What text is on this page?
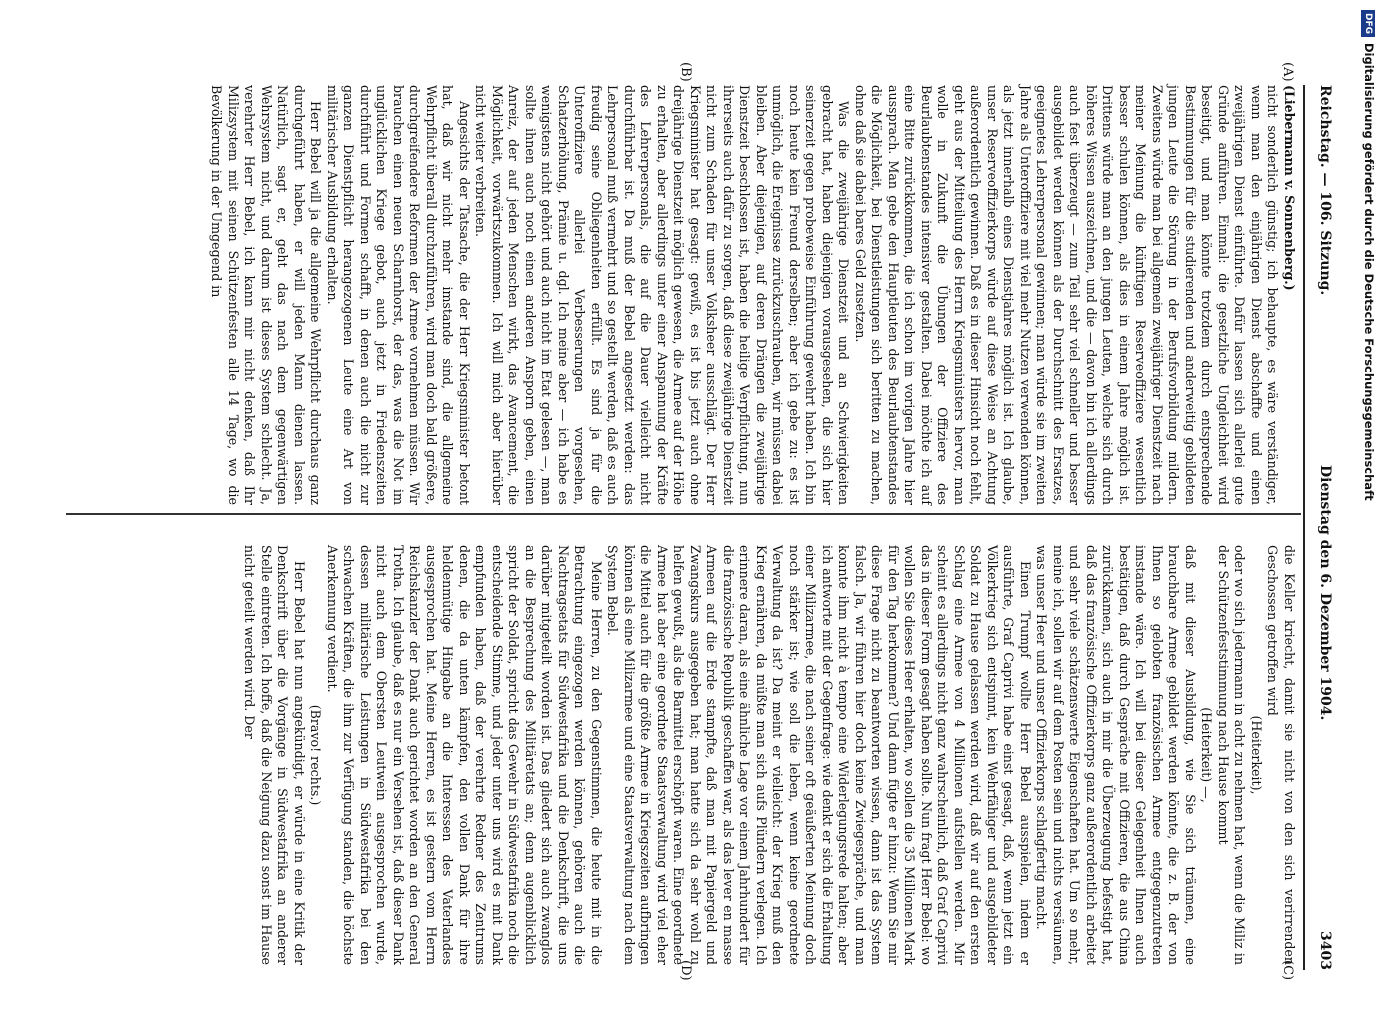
Reichstag. — 106. Sitzung.
Dienstag den 6. Dezember 1904.
3403
(A)
(B)
(C)
(D)

(Liebermann v. Sonnenberg.)

nicht sonderlich günstig; ich behaupte, es wäre verständiger, wenn man den einjährigen Dienst abschaffte und einen zweijährigen Dienst einführte. Dafür lassen sich allerlei gute Gründe anführen. Einmal: die gesetzliche Ungleichheit wird beseitigt, und man könnte trotzdem durch entsprechende Bestimmungen für die studierenden und anderweitig gebildeten jungen Leute die Störung in der Berufsvorbildung mildern. Zweitens würde man bei allgemein zweijähriger Dienstzeit nach meiner Meinung die künftigen Reserveoffiziere wesentlich besser schulen können, als dies in einem Jahre möglich ist. Drittens würde man an den jungen Leuten, welche sich durch höheres Wissen auszeichnen, und die — davon bin ich allerdings auch fest überzeugt — zum Teil sehr viel schneller und besser ausgebildet werden können als der Durchschnitt des Ersatzes, geeignetes Lehrerpersonal gewinnen; man würde sie im zweiten Jahre als Unteroffiziere mit viel mehr Nutzen verwenden können, als jetzt innerhalb eines Dienstjahres möglich ist. Ich glaube, unser Reserveoffizierkorps würde auf diese Weise an Achtung außerordentlich gewinnen. Daß es in dieser Hinsicht noch fehlt, geht aus der Mitteilung des Herrn Kriegsministers hervor, man wolle in Zukunft die Übungen der Offiziere des Beurlaubtenstandes intensiver gestalten. Dabei möchte ich auf eine Bitte zurückkommen, die ich schon im vorigen Jahre hier aussprach. Man gebe den Hauptleuten des Beurlaubtenstandes die Möglichkeit, bei Dienstleistungen sich beritten zu machen, ohne daß sie dabei bares Geld zusetzen.

Was die zweijährige Dienstzeit und an Schwierigkeiten gebracht hat, haben diejenigen vorausgesehen, die sich hier seinerzeit gegen probeweise Einführung gewehrt haben. Ich bin noch heute kein Freund derselben; aber ich gebe zu: es ist unmöglich, die Ereignisse zurückzuschrauben, wir müssen dabei bleiben. Aber diejenigen, auf deren Drängen die zweijährige Dienstzeit beschlossen ist, haben die heilige Verpflichtung, nun ihrerseits auch dafür zu sorgen, daß diese zweijährige Dienstzeit nicht zum Schaden für unser Volksheer ausschlägt. Der Herr Kriegsminister hat gesagt: gewiß, es ist bis jetzt auch ohne dreijährige Dienstzeit möglich gewesen, die Armee auf der Höhe zu erhalten, aber allerdings unter einer Anspannung der Kräfte des Lehrerpersonals, die auf die Dauer vielleicht nicht durchführbar ist. Da muß der Bebel angesetzt werden: das Lehrpersonal muß vermehrt und so gestellt werden, daß es auch freudig seine Obliegenheiten erfüllt. Es sind ja für die Unteroffiziere allerlei Verbesserungen vorgesehen, Schatzerhöhung, Prämie u. dgl. Ich meine aber — ich habe es wenigstens nicht gehört und auch nicht im Etat gelesen —, man sollte ihnen auch noch einen anderen Ansporn geben, einen Anreiz, der auf jeden Menschen wirkt, das Avancement, die Möglichkeit, vorwärtszukommen. Ich will mich aber hierüber nicht weiter verbreiten.

Angesichts der Tatsache, die der Herr Kriegsminister betont hat, daß wir nicht mehr imstande sind, die allgemeine Wehrpflicht überall durchzuführen, wird man doch bald größere, durchgreifendere Reformen der Armee vornehmen müssen. Wir brauchen einen neuen Scharnhorst, der das, was die Not im unglücklichen Kriege gebot, auch jetzt in Friedenszeiten durchführt und Formen schafft, in denen auch die nicht zur ganzen Dienstpflicht herangezogenen Leute eine Art von militärischer Ausbildung erhalten.

Herr Bebel will ja die allgemeine Wehrpflicht durchaus ganz durchgeführt haben, er will jeden Mann dienen lassen. Natürlich, sagt er, geht das nach dem gegenwärtigen Wehrsystem nicht, und darum ist dieses System schlecht. Ja, verehrter Herr Bebel, ich kann mir nicht denken, daß Ihr Milizsystem mit seinen Schützenfesten alle 14 Tage, wo die Bevölkerung in der Umgegend in

die Keller kriecht, damit sie nicht von den sich verirrenden Geschossen getroffen wird

(Heiterkeit),

oder wo sich jedermann in acht zu nehmen hat, wenn die Miliz in der Schützenfeststimmung nach Hause kommt

(Heiterkeit) —,

daß mit dieser Ausbildung, wie Sie sich träumen, eine brauchbare Armee gebildet werden könnte, die z. B. der von Ihnen so gelobten französischen Armee entgegenzutreten imstande wäre. Ich will bei dieser Gelegenheit Ihnen auch bestätigen, daß durch Gespräche mit Offizieren, die aus China zurückkamen, sich auch in mir die Überzeugung befestigt hat, daß das französische Offizierkorps ganz außerordentlich arbeitet und sehr viele schätzenswerte Eigenschaften hat. Um so mehr, meine ich, sollen wir auf dem Posten sein und nichts versäumen, was unser Heer und unser Offizierkorps schlagfertig macht.

Einen Trumpf wollte Herr Bebel ausspielen, indem er ausführte, Graf Caprivi habe einst gesagt, daß, wenn jetzt ein Völkerkrieg sich entspinnt, kein Wehrfähiger und ausgebildeter Soldat zu Hause gelassen werden wird, daß wir auf den ersten Schlag eine Armee von 4 Millionen aufstellen werden. Mir scheint es allerdings nicht ganz wahrscheinlich, daß Graf Caprivi das in dieser Form gesagt haben sollte. Nun fragt Herr Bebel: wo wollen Sie dieses Heer erhalten, wo sollen die 35 Millionen Mark für den Tag herkommen? Und dann fügte er hinzu: Wenn Sie mir diese Frage nicht zu beantworten wissen, dann ist das System falsch. Ja, wir führen hier doch keine Zwiegespräche, und man konnte ihm nicht à tempo eine Widerlegungsrede halten; aber ich antworte mit der Gegenfrage: wie denkt er sich die Erhaltung einer Milizarmee, die nach seiner oft geäußerten Meinung doch noch stärker ist; wie soll die leben, wenn keine geordnete Verwaltung da ist? Da meint er vielleicht: der Krieg muß den Krieg ernähren, da müßte man sich aufs Plündern verlegen. Ich erinnere daran, als eine ähnliche Lage vor einem Jahrhundert für die französische Republik geschaffen war, als das lever en masse Armeen auf die Erde stampfte, daß man mit Papiergeld und Zwangskurs ausgegeben hat; man hatte sich da sehr wohl zu helfen gewußt, als die Barmittel erschöpft waren. Eine geordnete Armee hat aber eine geordnete Staatsverwaltung wird viel eher die Mittel auch für die größte Armee in Kriegszeiten aufbringen können als eine Milizarmee und eine Staatsverwaltung nach dem System Bebel.

Meine Herren, zu den Gegenstimmen, die heute mit in die Betrachtung eingezogen werden können, gehören auch die Nachtragsetats für Südwestafrika und die Denkschrift, die uns darüber mitgeteilt worden ist. Das gliedert sich auch zwanglos an die Besprechung des Militäretats an; denn augenblicklich spricht der Soldat, spricht das Gewehr in Südwestafrika noch die entscheidende Stimme, und jeder unter uns wird es mit Dank empfunden haben, daß der verehrte Redner des Zentrums denen, die da unten kämpfen, den vollen Dank für ihre heldenmütige Hingabe an die Interessen des Vaterlandes ausgesprochen hat. Meine Herren, es ist gestern vom Herrn Reichskanzler der Dank auch gerichtet worden an den General Trotha. Ich glaube, daß es nur ein Versehen ist, daß dieser Dank nicht auch dem Obersten Leutwein ausgesprochen wurde, dessen militärische Leistungen in Südwestafrika bei den schwachen Kräften, die ihm zur Verfügung standen, die höchste Anerkennung verdient.

(Bravo! rechts.)

Herr Bebel hat nun angekündigt, er würde in eine Kritik der Denkschrift über die Vorgänge in Südwestafrika an anderer Stelle eintreten. Ich hoffe, daß die Neigung dazu sonst im Hause nicht geteilt werden wird. Der

DFGDigitalisierung gefördert durch die Deutsche Forschungsgemeinschaft
